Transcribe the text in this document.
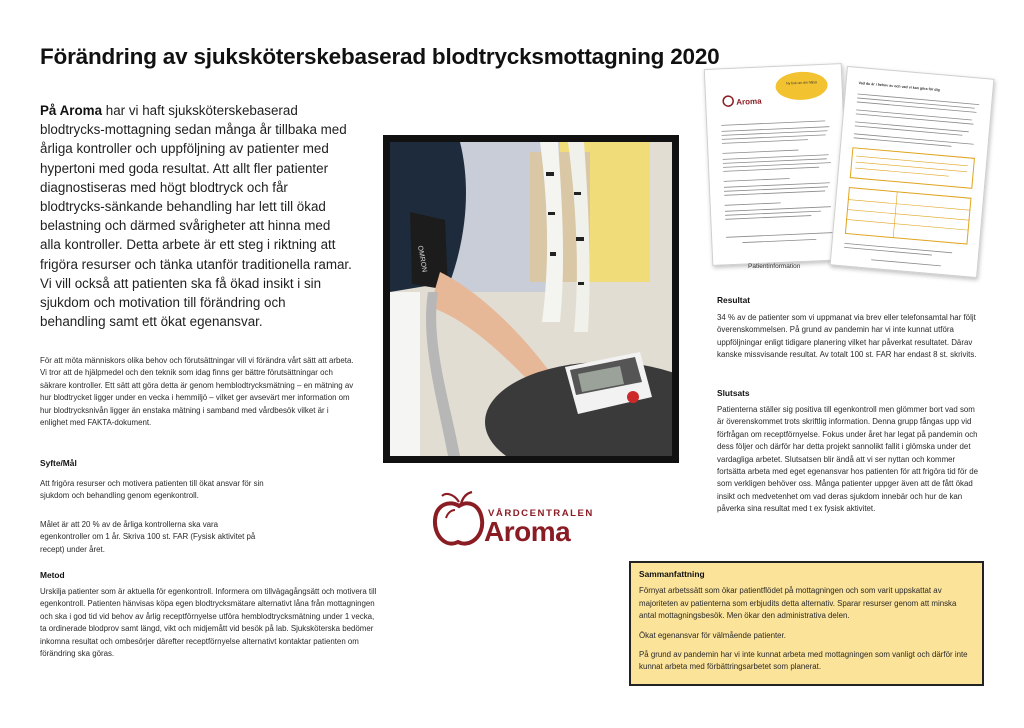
Förändring av sjuksköterskebaserad blodtrycksmottagning 2020
På Aroma har vi haft sjuksköterskebaserad blodtrycks-mottagning sedan många år tillbaka med årliga kontroller och uppföljning av patienter med hypertoni med goda resultat. Att allt fler patienter diagnostiseras med högt blodtryck och får blodtrycks-sänkande behandling har lett till ökad belastning och därmed svårigheter att hinna med alla kontroller. Detta arbete är ett steg i riktning att frigöra resurser och tänka utanför traditionella ramar. Vi vill också att patienten ska få ökad insikt i sin sjukdom och motivation till förändring och behandling samt ett ökat egenansvar.
För att möta människors olika behov och förutsättningar vill vi förändra vårt sätt att arbeta. Vi tror att de hjälpmedel och den teknik som idag finns ger bättre förutsättningar och säkrare kontroller. Ett sätt att göra detta är genom hemblodtrycksmätning – en mätning av hur blodtrycket ligger under en vecka i hemmiljö – vilket ger avsevärt mer information om hur blodtrycksnivån ligger än enstaka mätning i samband med vårdbesök vilket är i enlighet med FAKTA-dokument.
Syfte/Mål
Att frigöra resurser och motivera patienten till ökat ansvar för sin sjukdom och behandling genom egenkontroll.
Målet är att 20 % av de årliga kontrollerna ska vara egenkontroller om 1 år. Skriva 100 st. FAR (Fysisk aktivitet på recept) under året.
Metod
Urskilja patienter som är aktuella för egenkontroll. Informera om tillvägagångsätt och motivera till egenkontroll. Patienten hänvisas köpa egen blodtrycksmätare alternativt låna från mottagningen och ska i god tid vid behov av årlig receptförnyelse utföra hemblodtrycksmätning under 1 vecka, ta ordinerade blodprov samt längd, vikt och midjemått vid besök på lab. Sjuksköterska bedömer inkomna resultat och ombesörjer därefter receptförnyelse alternativt kontaktar patienten om förändring ska göras.
OMRON
VÅRDCENTRALEN
Aroma
Aroma
Ny bok om din hälsa	Vad du är i behov av och vad vi kan göra för dig
Patientinformation
Resultat
34 % av de patienter som vi uppmanat via brev eller telefonsamtal har följt överenskommelsen. På grund av pandemin har vi inte kunnat utföra uppföljningar enligt tidigare planering vilket har påverkat resultatet. Därav kanske missvisande resultat. Av totalt 100 st. FAR har endast 8 st. skrivits.
Slutsats
Patienterna ställer sig positiva till egenkontroll men glömmer bort vad som är överenskommet trots skriftlig information. Denna grupp fångas upp vid förfrågan om receptförnyelse. Fokus under året har legat på pandemin och dess följer och därför har detta projekt sannolikt fallit i glömska under det vardagliga arbetet. Slutsatsen blir ändå att vi ser nyttan och kommer fortsätta arbeta med eget egenansvar hos patienten för att frigöra tid för de som verkligen behöver oss. Många patienter uppger även att de fått ökad insikt och medvetenhet om vad deras sjukdom innebär och hur de kan påverka sina resultat med t ex fysisk aktivitet.
Sammanfattning

Förnyat arbetssätt som ökar patientflödet på mottagningen och som varit uppskattat av majoriteten av patienterna som erbjudits detta alternativ. Sparar resurser genom att minska antal mottagningsbesök. Men ökar den administrativa delen.

Ökat egenansvar för välmående patienter.

På grund av pandemin har vi inte kunnat arbeta med mottagningen som vanligt och därför inte kunnat arbeta med förbättringsarbetet som planerat.
